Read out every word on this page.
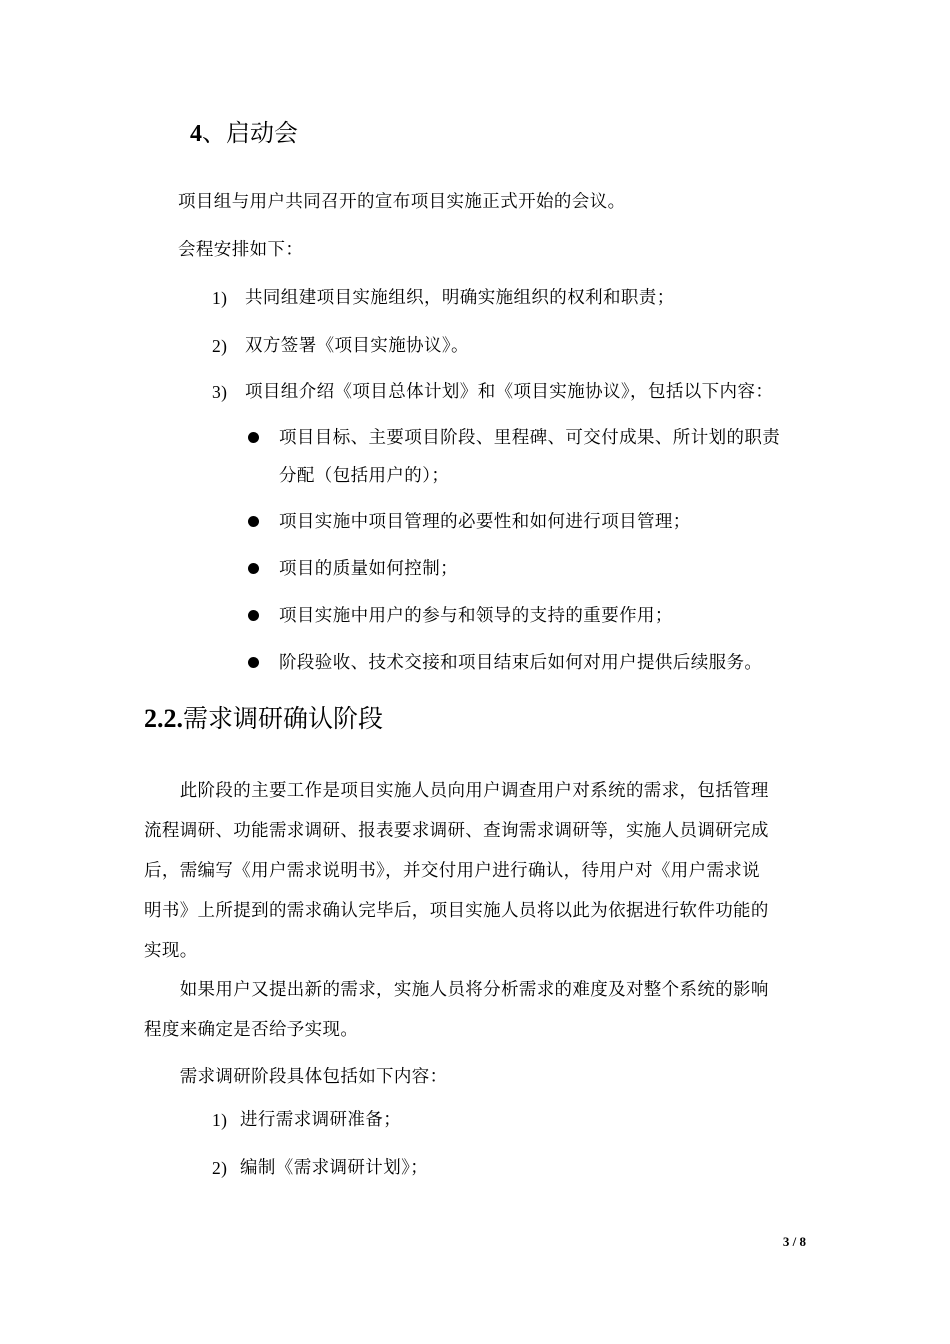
4、启动会
项目组与用户共同召开的宣布项目实施正式开始的会议。
会程安排如下：
1) 共同组建项目实施组织，明确实施组织的权利和职责；
2) 双方签署《项目实施协议》。
3) 项目组介绍《项目总体计划》和《项目实施协议》，包括以下内容：
项目目标、主要项目阶段、里程碑、可交付成果、所计划的职责
分配（包括用户的）；
项目实施中项目管理的必要性和如何进行项目管理；
项目的质量如何控制；
项目实施中用户的参与和领导的支持的重要作用；
阶段验收、技术交接和项目结束后如何对用户提供后续服务。
2.2.需求调研确认阶段
　　此阶段的主要工作是项目实施人员向用户调查用户对系统的需求，包括管理
流程调研、功能需求调研、报表要求调研、查询需求调研等，实施人员调研完成
后，需编写《用户需求说明书》，并交付用户进行确认，待用户对《用户需求说
明书》上所提到的需求确认完毕后，项目实施人员将以此为依据进行软件功能的
实现。
　　如果用户又提出新的需求，实施人员将分析需求的难度及对整个系统的影响
程度来确定是否给予实现。
　　需求调研阶段具体包括如下内容：
1) 进行需求调研准备；
2) 编制《需求调研计划》；
3 / 8
